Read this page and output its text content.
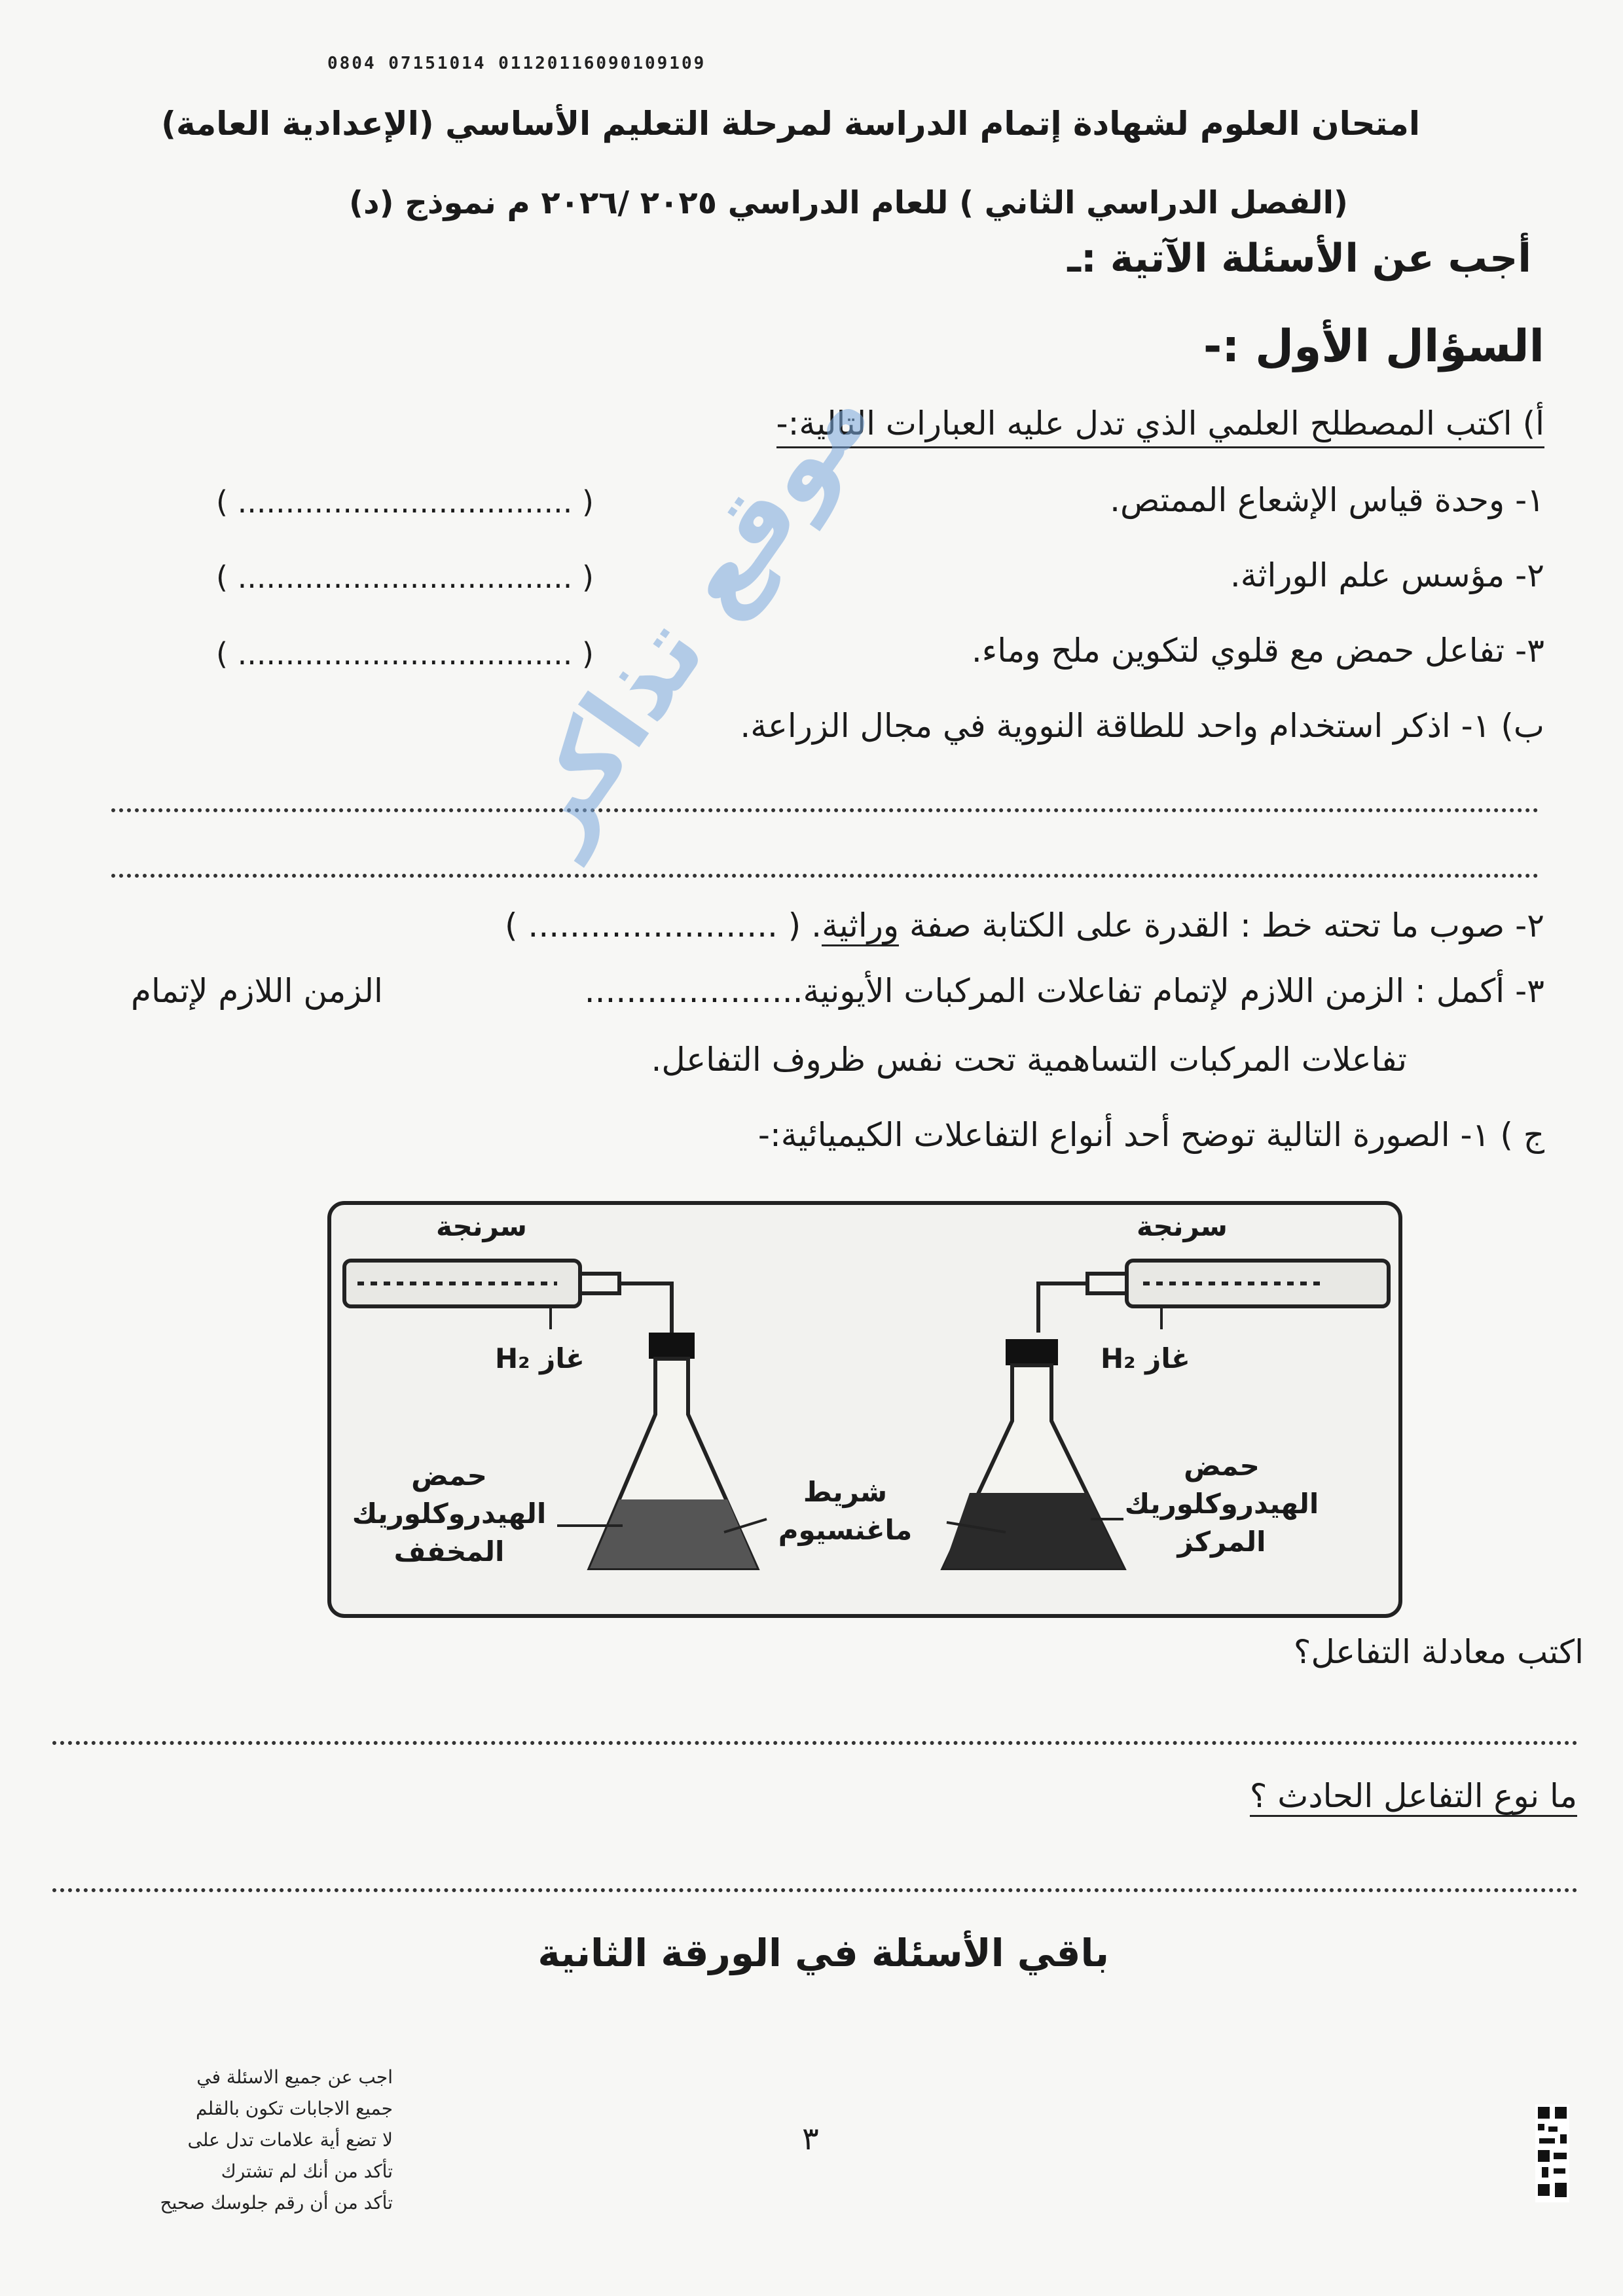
0804 07151014 01120116090109109
امتحان العلوم لشهادة إتمام الدراسة لمرحلة التعليم الأساسي (الإعدادية العامة)
(الفصل الدراسي الثاني ) للعام الدراسي ٢٠٢٥ /٢٠٢٦ م نموذج (د)
أجب عن الأسئلة الآتية :ـ
السؤال الأول :-
أ) اكتب المصطلح العلمي الذي تدل عليه العبارات التالية:-
١- وحدة قياس الإشعاع الممتص.
( ................................... )
٢- مؤسس علم الوراثة.
( ................................... )
٣- تفاعل حمض مع قلوي لتكوين ملح وماء.
( ................................... )
ب) ١- اذكر استخدام واحد للطاقة النووية في مجال الزراعة.
٢- صوب ما تحته خط : القدرة على الكتابة صفة وراثية. ( ........................ )
٣- أكمل : الزمن اللازم لإتمام تفاعلات المركبات الأيونية.....................
الزمن اللازم لإتمام
تفاعلات المركبات التساهمية تحت نفس ظروف التفاعل.
ج ) ١- الصورة التالية توضح أحد أنواع التفاعلات الكيميائية:-
سرنجة	سرنجة
غاز H₂	غاز H₂
حمض
الهيدروكلوريك
المخفف
شريط
ماغنسيوم
حمض
الهيدروكلوريك
المركز
اكتب معادلة التفاعل؟
ما نوع التفاعل الحادث ؟
باقي الأسئلة في الورقة الثانية
موقع تذاكر
اجب عن جميع الاسئلة في
جميع الاجابات تكون بالقلم
لا تضع أية علامات تدل على
تأكد من أنك لم تشترك
تأكد من أن رقم جلوسك صحيح
٣
